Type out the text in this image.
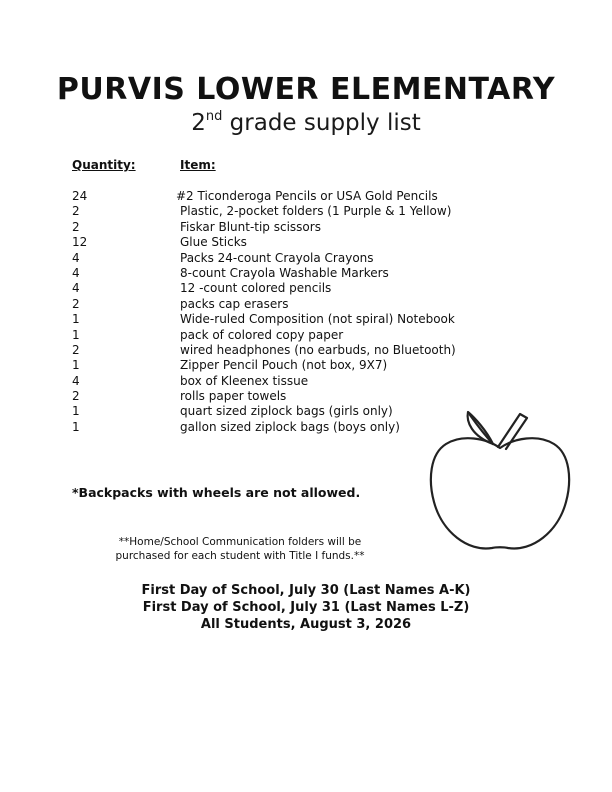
PURVIS LOWER ELEMENTARY
2nd grade supply list
Quantity:	Item:
24	#2 Ticonderoga Pencils or USA Gold Pencils
2	Plastic, 2-pocket folders (1 Purple & 1 Yellow)
2	Fiskar Blunt-tip scissors
12	Glue Sticks
4	Packs 24-count Crayola Crayons
4	8-count Crayola Washable Markers
4	12 -count colored pencils
2	packs cap erasers
1	Wide-ruled Composition (not spiral) Notebook
1	pack of colored copy paper
2	wired headphones (no earbuds, no Bluetooth)
1	Zipper Pencil Pouch (not box, 9X7)
4	box of Kleenex tissue
2	rolls paper towels
1	quart sized ziplock bags (girls only)
1	gallon sized ziplock bags (boys only)
*Backpacks with wheels are not allowed.
**Home/School Communication folders will be
purchased for each student with Title I funds.**
First Day of School, July 30 (Last Names A-K)
First Day of School, July 31 (Last Names L-Z)
All Students, August 3, 2026
